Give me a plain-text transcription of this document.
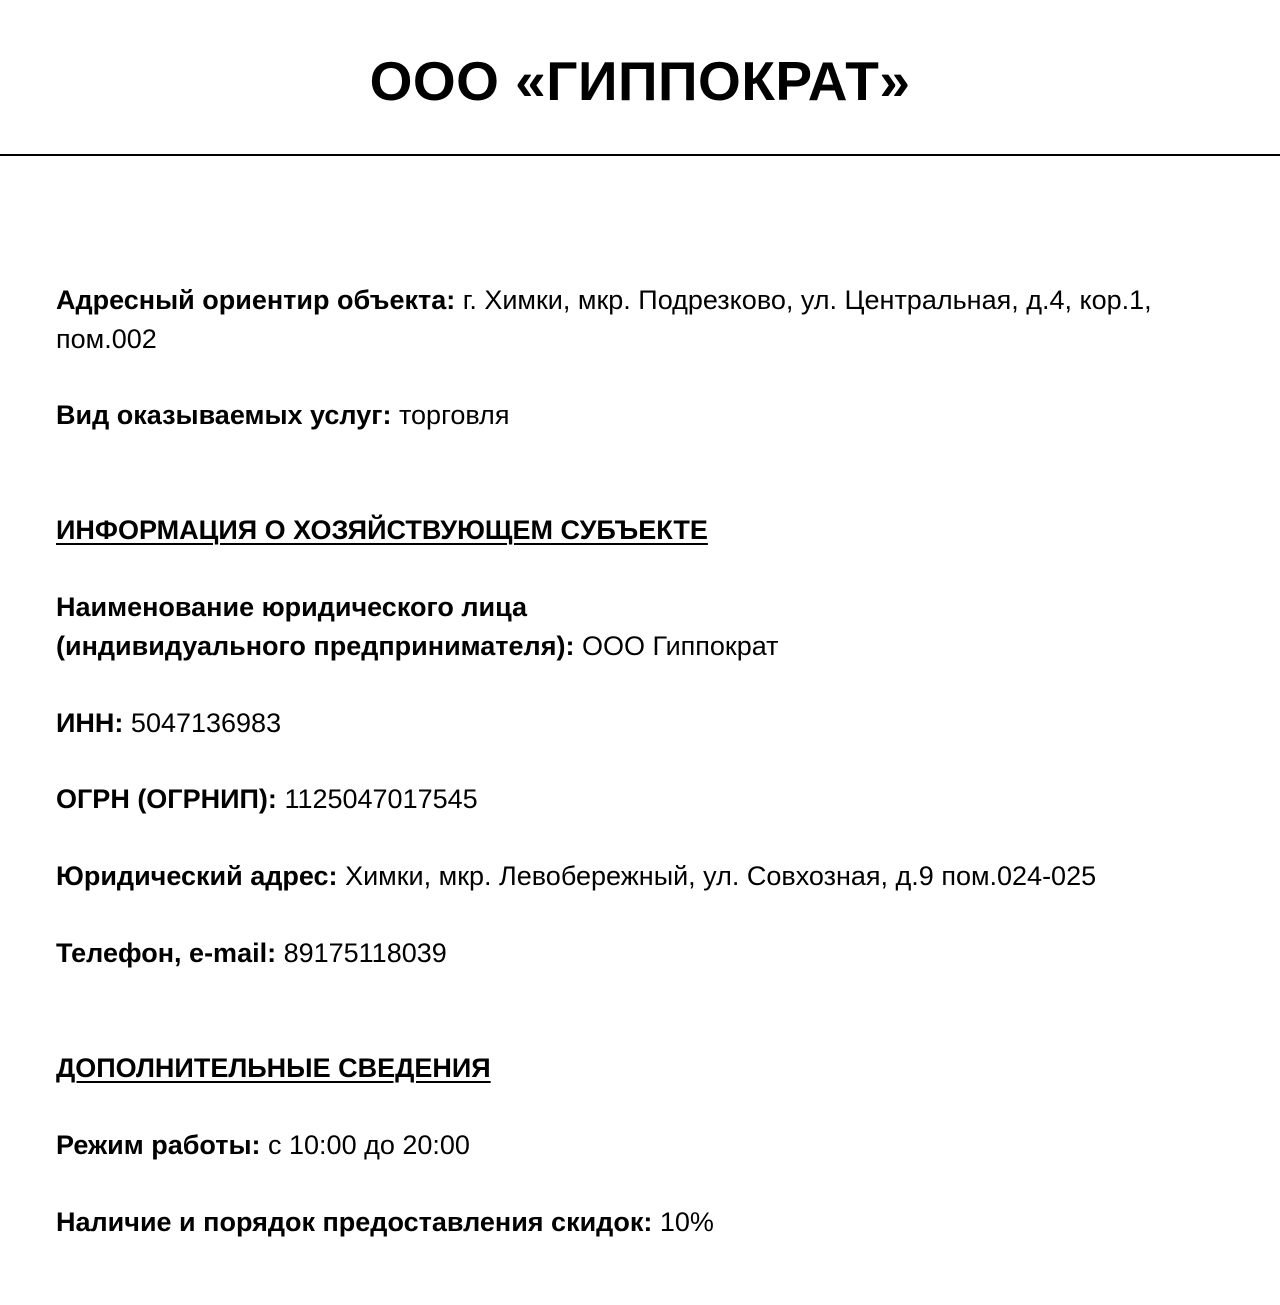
ООО «ГИППОКРАТ»

Адресный ориентир объекта: г. Химки, мкр. Подрезково, ул. Центральная, д.4, кор.1,

пом.002

Вид оказываемых услуг: торговля

ИНФОРМАЦИЯ О ХОЗЯЙСТВУЮЩЕМ СУБЪЕКТЕ

Наименование юридического лица

(индивидуального предпринимателя): ООО Гиппократ

ИНН: 5047136983

ОГРН (ОГРНИП): 1125047017545

Юридический адрес: Химки, мкр. Левобережный, ул. Совхозная, д.9 пом.024-025

Телефон, e-mail: 89175118039

ДОПОЛНИТЕЛЬНЫЕ СВЕДЕНИЯ

Режим работы: с 10:00 до 20:00

Наличие и порядок предоставления скидок: 10%
